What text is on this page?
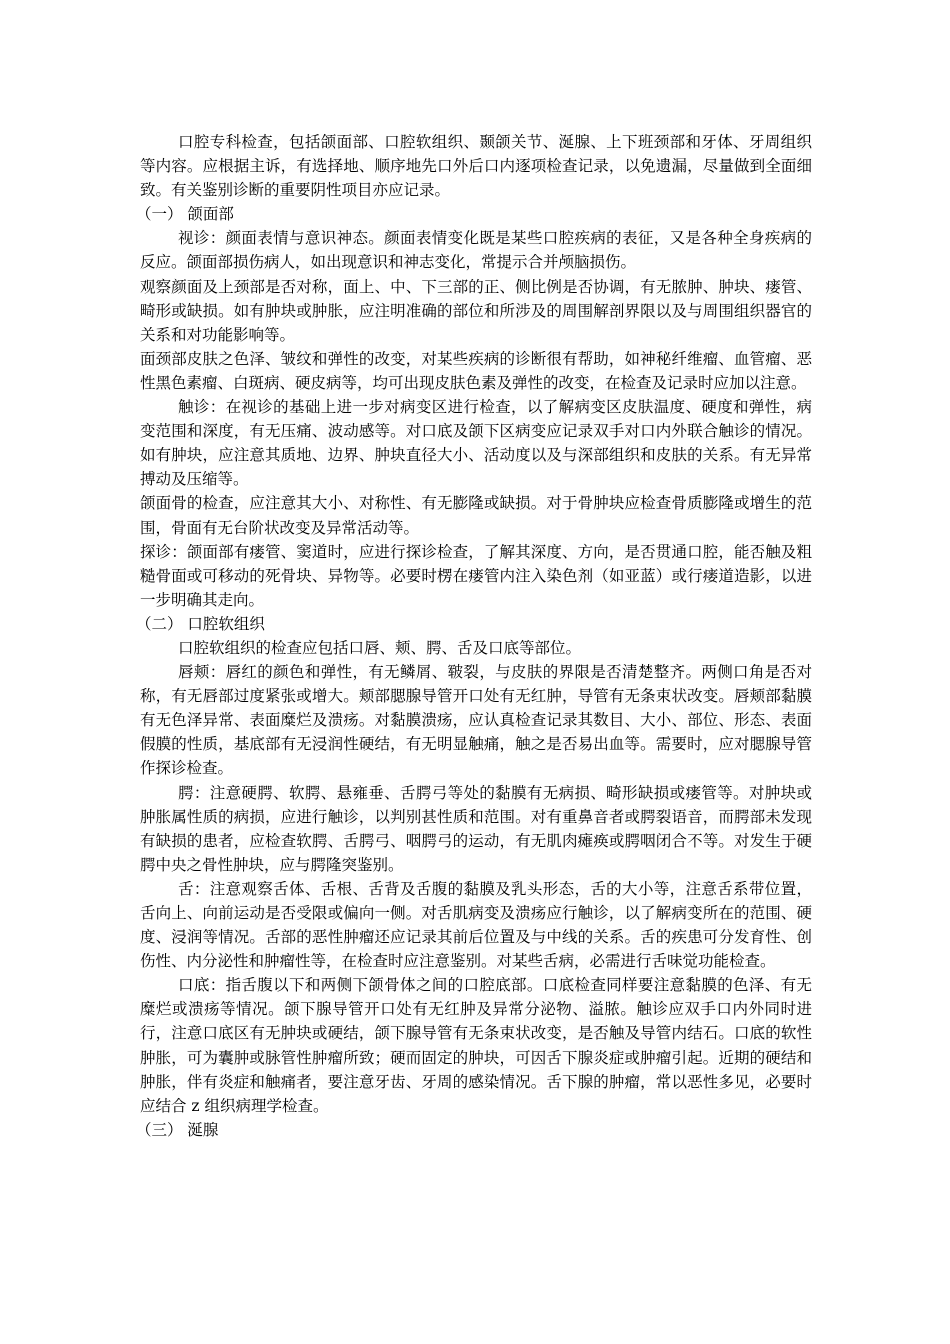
口腔专科检查，包括颌面部、口腔软组织、颞颌关节、涎腺、上下班颈部和牙体、牙周组织等内容。应根据主诉，有选择地、顺序地先口外后口内逐项检查记录，以免遗漏，尽量做到全面细致。有关鉴别诊断的重要阴性项目亦应记录。

（一） 颌面部

视诊：颜面表情与意识神态。颜面表情变化既是某些口腔疾病的表征，又是各种全身疾病的反应。颌面部损伤病人，如出现意识和神志变化，常提示合并颅脑损伤。

观察颜面及上颈部是否对称，面上、中、下三部的正、侧比例是否协调，有无脓肿、肿块、瘘管、畸形或缺损。如有肿块或肿胀，应注明准确的部位和所涉及的周围解剖界限以及与周围组织器官的关系和对功能影响等。

面颈部皮肤之色泽、皱纹和弹性的改变，对某些疾病的诊断很有帮助，如神秘纤维瘤、血管瘤、恶性黑色素瘤、白斑病、硬皮病等，均可出现皮肤色素及弹性的改变，在检查及记录时应加以注意。

触诊：在视诊的基础上进一步对病变区进行检查，以了解病变区皮肤温度、硬度和弹性，病变范围和深度，有无压痛、波动感等。对口底及颌下区病变应记录双手对口内外联合触诊的情况。如有肿块，应注意其质地、边界、肿块直径大小、活动度以及与深部组织和皮肤的关系。有无异常搏动及压缩等。

颌面骨的检查，应注意其大小、对称性、有无膨隆或缺损。对于骨肿块应检查骨质膨隆或增生的范围，骨面有无台阶状改变及异常活动等。

探诊：颌面部有瘘管、窦道时，应进行探诊检查，了解其深度、方向，是否贯通口腔，能否触及粗糙骨面或可移动的死骨块、异物等。必要时楞在瘘管内注入染色剂（如亚蓝）或行瘘道造影，以进一步明确其走向。

（二） 口腔软组织

口腔软组织的检查应包括口唇、颊、腭、舌及口底等部位。

唇颊：唇红的颜色和弹性，有无鳞屑、皲裂，与皮肤的界限是否清楚整齐。两侧口角是否对称，有无唇部过度紧张或增大。颊部腮腺导管开口处有无红肿，导管有无条束状改变。唇颊部黏膜有无色泽异常、表面糜烂及溃疡。对黏膜溃疡，应认真检查记录其数目、大小、部位、形态、表面假膜的性质，基底部有无浸润性硬结，有无明显触痛，触之是否易出血等。需要时，应对腮腺导管作探诊检查。

腭：注意硬腭、软腭、悬雍垂、舌腭弓等处的黏膜有无病损、畸形缺损或瘘管等。对肿块或肿胀属性质的病损，应进行触诊，以判别甚性质和范围。对有重鼻音者或腭裂语音，而腭部未发现有缺损的患者，应检查软腭、舌腭弓、咽腭弓的运动，有无肌肉瘫痪或腭咽闭合不等。对发生于硬腭中央之骨性肿块，应与腭隆突鉴别。

舌：注意观察舌体、舌根、舌背及舌腹的黏膜及乳头形态，舌的大小等，注意舌系带位置，舌向上、向前运动是否受限或偏向一侧。对舌肌病变及溃疡应行触诊，以了解病变所在的范围、硬度、浸润等情况。舌部的恶性肿瘤还应记录其前后位置及与中线的关系。舌的疾患可分发育性、创伤性、内分泌性和肿瘤性等，在检查时应注意鉴别。对某些舌病，必需进行舌味觉功能检查。

口底：指舌腹以下和两侧下颌骨体之间的口腔底部。口底检查同样要注意黏膜的色泽、有无糜烂或溃疡等情况。颌下腺导管开口处有无红肿及异常分泌物、溢脓。触诊应双手口内外同时进行，注意口底区有无肿块或硬结，颌下腺导管有无条束状改变，是否触及导管内结石。口底的软性肿胀，可为囊肿或脉管性肿瘤所致；硬而固定的肿块，可因舌下腺炎症或肿瘤引起。近期的硬结和肿胀，伴有炎症和触痛者，要注意牙齿、牙周的感染情况。舌下腺的肿瘤，常以恶性多见，必要时应结合 z 组织病理学检查。

（三） 涎腺
